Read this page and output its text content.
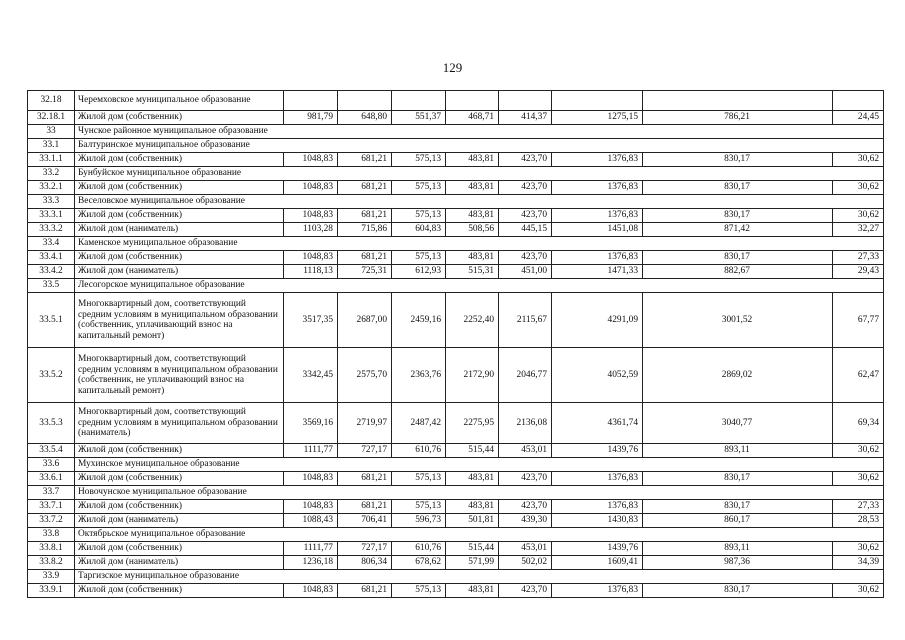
129
32.18	Черемховское муниципальное образование								
32.18.1	Жилой дом (собственник)	981,79	648,80	551,37	468,71	414,37	1275,15	786,21	24,45
33	Чунское районное муниципальное образование								
33.1	Балтуринское муниципальное образование								
33.1.1	Жилой дом (собственник)	1048,83	681,21	575,13	483,81	423,70	1376,83	830,17	30,62
33.2	Бунбуйское муниципальное образование								
33.2.1	Жилой дом (собственник)	1048,83	681,21	575,13	483,81	423,70	1376,83	830,17	30,62
33.3	Веселовское муниципальное образование								
33.3.1	Жилой дом (собственник)	1048,83	681,21	575,13	483,81	423,70	1376,83	830,17	30,62
33.3.2	Жилой дом (наниматель)	1103,28	715,86	604,83	508,56	445,15	1451,08	871,42	32,27
33.4	Каменское муниципальное образование								
33.4.1	Жилой дом (собственник)	1048,83	681,21	575,13	483,81	423,70	1376,83	830,17	27,33
33.4.2	Жилой дом (наниматель)	1118,13	725,31	612,93	515,31	451,00	1471,33	882,67	29,43
33.5	Лесогорское муниципальное образование								
33.5.1	Многоквартирный дом, соответствующий средним условиям в муниципальном образовании (собственник, уплачивающий взнос на капитальный ремонт)	3517,35	2687,00	2459,16	2252,40	2115,67	4291,09	3001,52	67,77
33.5.2	Многоквартирный дом, соответствующий средним условиям в муниципальном образовании (собственник, не уплачивающий взнос на капитальный ремонт)	3342,45	2575,70	2363,76	2172,90	2046,77	4052,59	2869,02	62,47
33.5.3	Многоквартирный дом, соответствующий средним условиям в муниципальном образовании (наниматель)	3569,16	2719,97	2487,42	2275,95	2136,08	4361,74	3040,77	69,34
33.5.4	Жилой дом (собственник)	1111,77	727,17	610,76	515,44	453,01	1439,76	893,11	30,62
33.6	Мухинское муниципальное образование								
33.6.1	Жилой дом (собственник)	1048,83	681,21	575,13	483,81	423,70	1376,83	830,17	30,62
33.7	Новочунское муниципальное образование								
33.7.1	Жилой дом (собственник)	1048,83	681,21	575,13	483,81	423,70	1376,83	830,17	27,33
33.7.2	Жилой дом (наниматель)	1088,43	706,41	596,73	501,81	439,30	1430,83	860,17	28,53
33.8	Октябрьское муниципальное образование								
33.8.1	Жилой дом (собственник)	1111,77	727,17	610,76	515,44	453,01	1439,76	893,11	30,62
33.8.2	Жилой дом (наниматель)	1236,18	806,34	678,62	571,99	502,02	1609,41	987,36	34,39
33.9	Таргизское муниципальное образование								
33.9.1	Жилой дом (собственник)	1048,83	681,21	575,13	483,81	423,70	1376,83	830,17	30,62
